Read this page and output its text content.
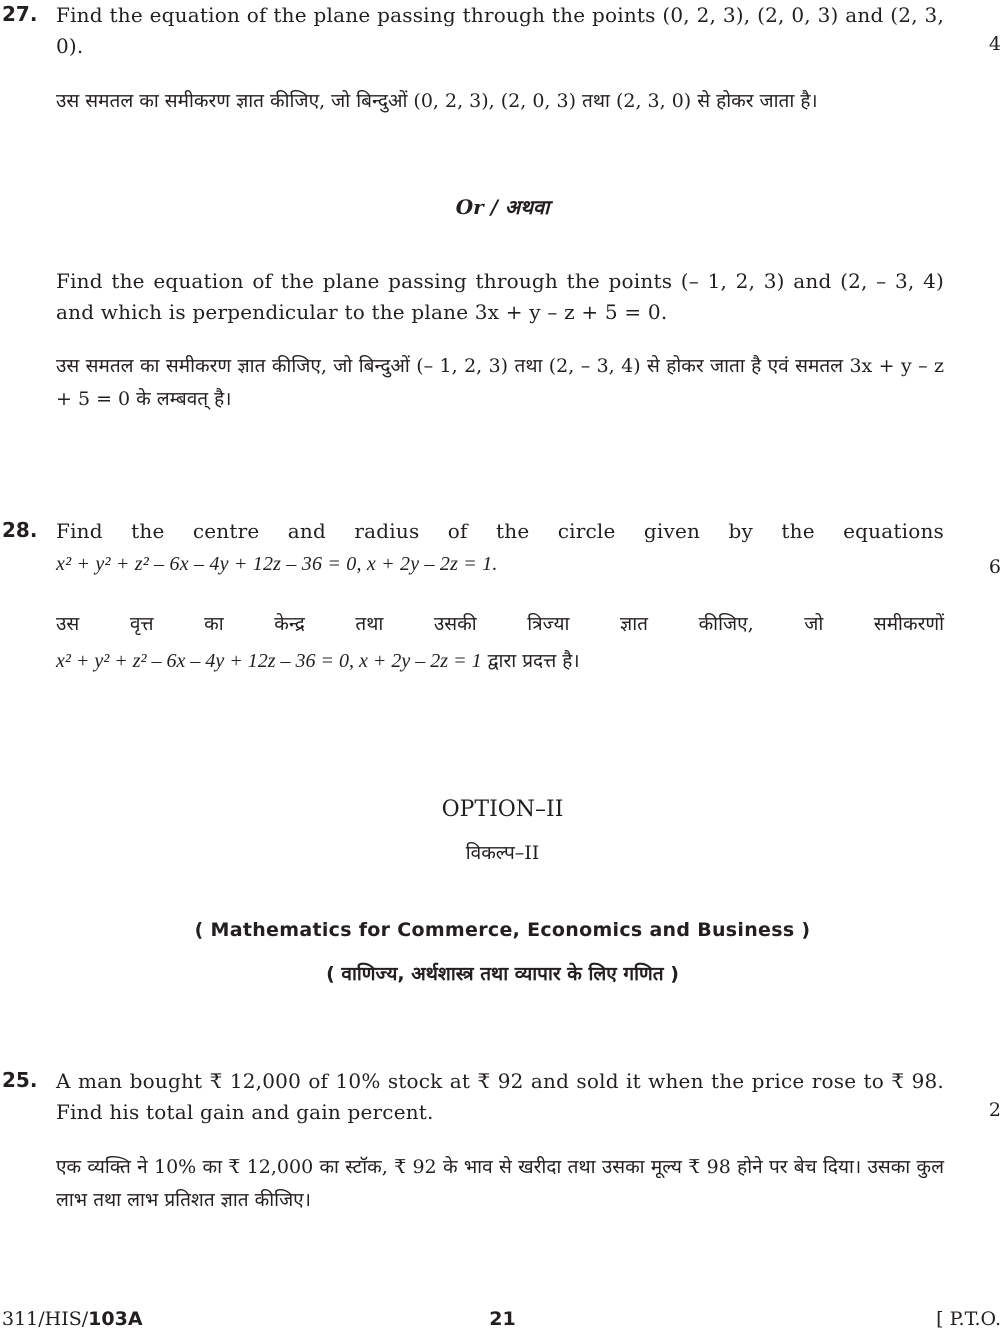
27. Find the equation of the plane passing through the points (0, 2, 3), (2, 0, 3) and (2, 3, 0).	4
उस समतल का समीकरण ज्ञात कीजिए, जो बिन्दुओं (0, 2, 3), (2, 0, 3) तथा (2, 3, 0) से होकर जाता है।
Or / अथवा
Find the equation of the plane passing through the points (– 1, 2, 3) and (2, – 3, 4) and which is perpendicular to the plane 3x + y – z + 5 = 0.
उस समतल का समीकरण ज्ञात कीजिए, जो बिन्दुओं (– 1, 2, 3) तथा (2, – 3, 4) से होकर जाता है एवं समतल 3x + y – z + 5 = 0 के लम्बवत् है।
28. Find the centre and radius of the circle given by the equations
x² + y² + z² – 6x – 4y + 12z – 36 = 0, x + 2y – 2z = 1.	6
उस वृत्त का केन्द्र तथा उसकी त्रिज्या ज्ञात कीजिए, जो समीकरणों
x² + y² + z² – 6x – 4y + 12z – 36 = 0, x + 2y – 2z = 1 द्वारा प्रदत्त है।
OPTION–II
विकल्प–II
( Mathematics for Commerce, Economics and Business )
( वाणिज्य, अर्थशास्त्र तथा व्यापार के लिए गणित )
25. A man bought ₹ 12,000 of 10% stock at ₹ 92 and sold it when the price rose to ₹ 98. Find his total gain and gain percent.	2
एक व्यक्ति ने 10% का ₹ 12,000 का स्टॉक, ₹ 92 के भाव से खरीदा तथा उसका मूल्य ₹ 98 होने पर बेच दिया। उसका कुल लाभ तथा लाभ प्रतिशत ज्ञात कीजिए।
311/HIS/103A	21	[ P.T.O.
